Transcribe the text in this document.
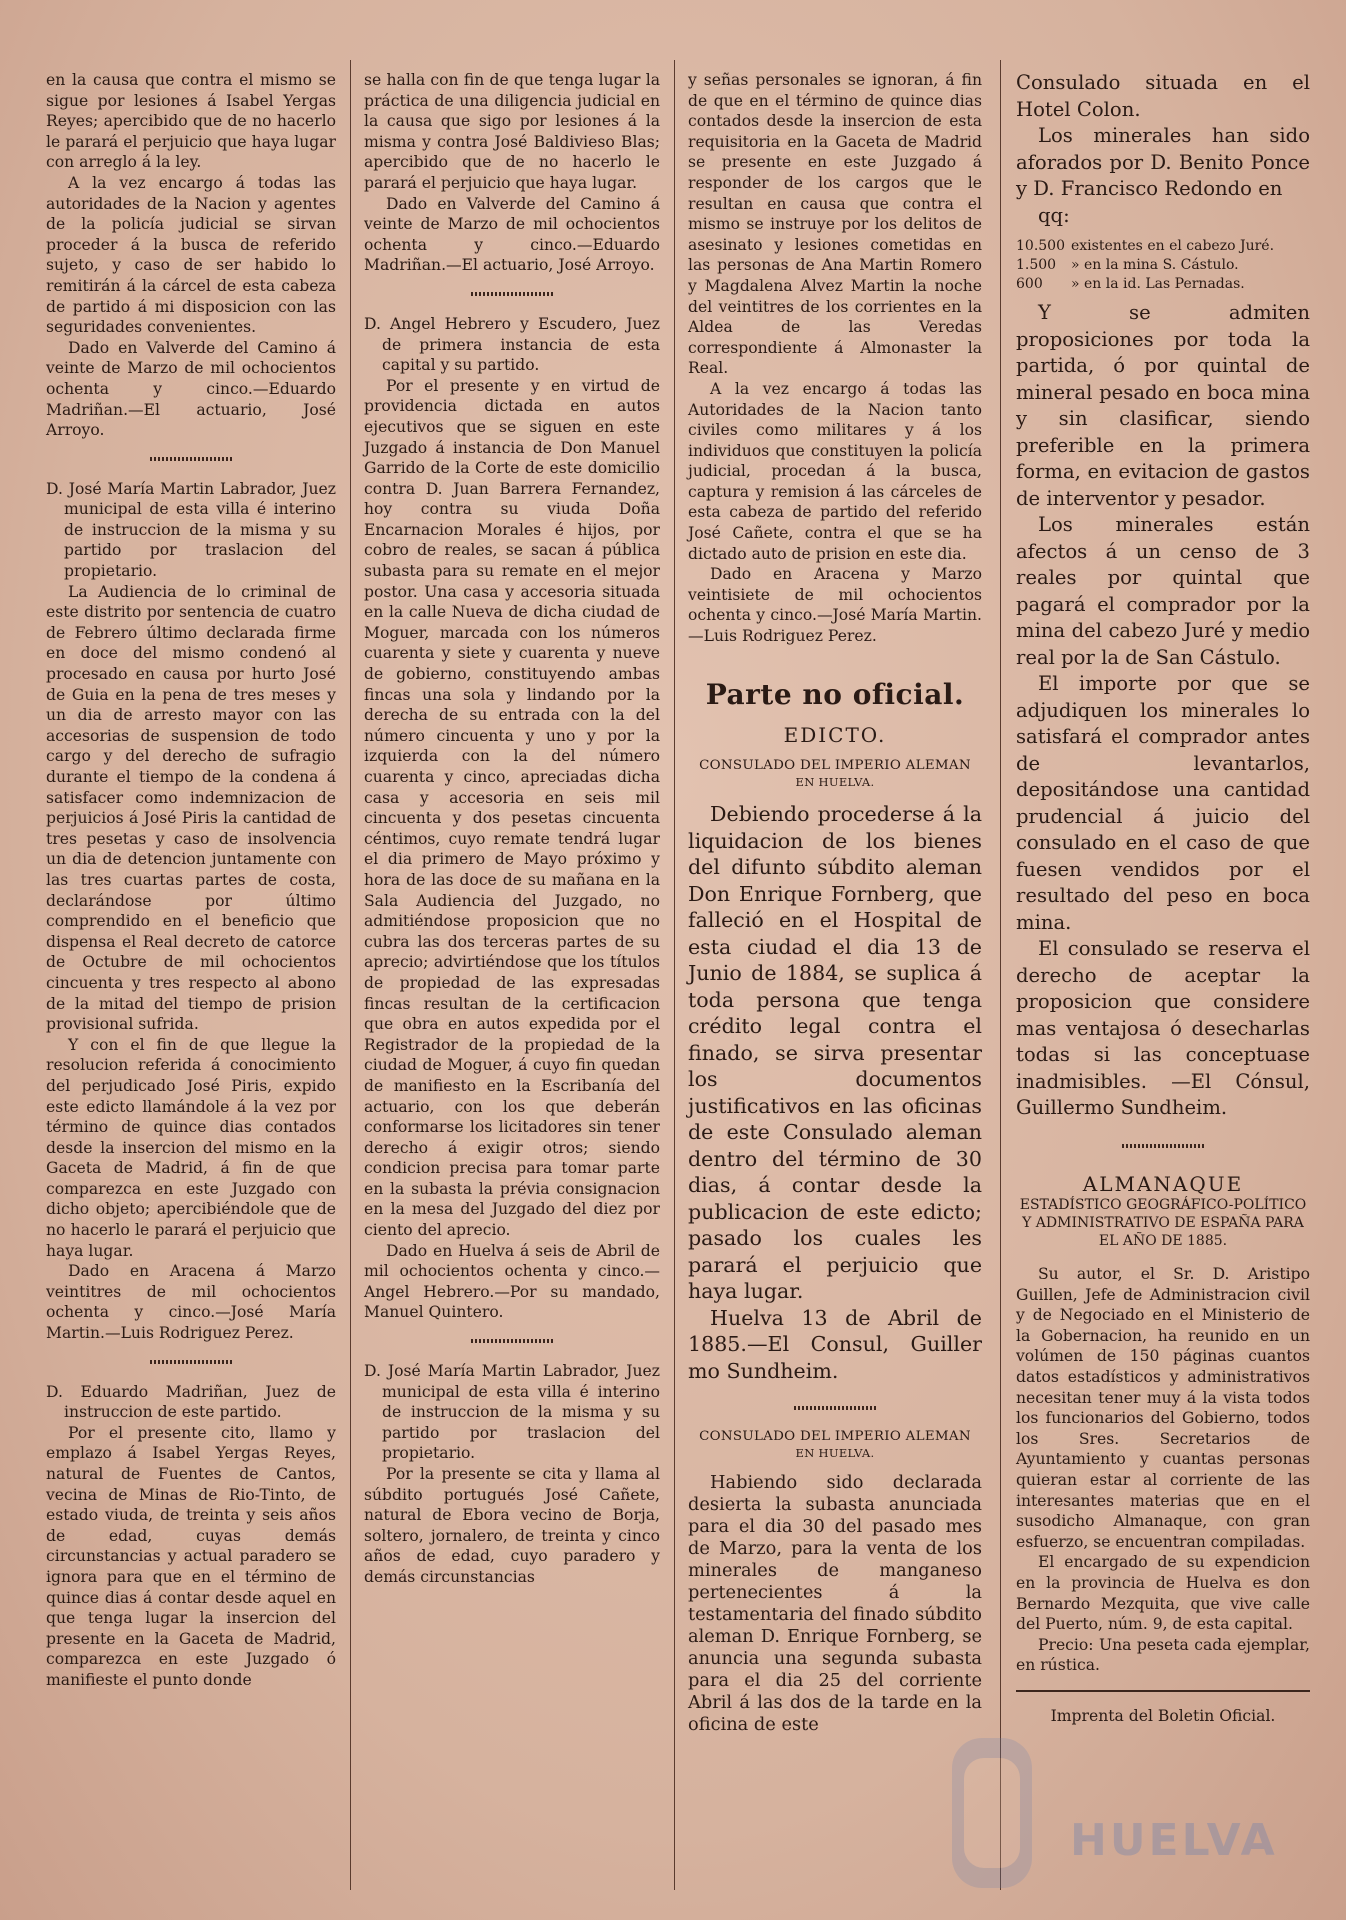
en la causa que contra el mismo se sigue por lesiones á Isabel Yergas Reyes; apercibido que de no hacerlo le parará el perjuicio que haya lugar con arreglo á la ley.

A la vez encargo á todas las autoridades de la Nacion y agentes de la policía judicial se sirvan proceder á la busca de referido sujeto, y caso de ser habido lo remitirán á la cárcel de esta cabeza de partido á mi disposicion con las seguridades convenientes.

Dado en Valverde del Camino á veinte de Marzo de mil ochocientos ochenta y cinco.—Eduardo Madriñan.—El actuario, José Arroyo.

D. José María Martin Labrador, Juez municipal de esta villa é interino de instruccion de la misma y su partido por traslacion del propietario.

La Audiencia de lo criminal de este distrito por sentencia de cuatro de Febrero último declarada firme en doce del mismo condenó al procesado en causa por hurto José de Guia en la pena de tres meses y un dia de arresto mayor con las accesorias de suspension de todo cargo y del derecho de sufragio durante el tiempo de la condena á satisfacer como indemnizacion de perjuicios á José Piris la cantidad de tres pesetas y caso de insolvencia un dia de detencion juntamente con las tres cuartas partes de costa, declarándose por último comprendido en el beneficio que dispensa el Real decreto de catorce de Octubre de mil ochocientos cincuenta y tres respecto al abono de la mitad del tiempo de prision provisional sufrida.

Y con el fin de que llegue la resolucion referida á conocimiento del perjudicado José Piris, expido este edicto llamándole á la vez por término de quince dias contados desde la insercion del mismo en la Gaceta de Madrid, á fin de que comparezca en este Juzgado con dicho objeto; apercibiéndole que de no hacerlo le parará el perjuicio que haya lugar.

Dado en Aracena á Marzo veintitres de mil ochocientos ochenta y cinco.—José María Martin.—Luis Rodriguez Perez.

D. Eduardo Madriñan, Juez de instruccion de este partido.

Por el presente cito, llamo y emplazo á Isabel Yergas Reyes, natural de Fuentes de Cantos, vecina de Minas de Rio-Tinto, de estado viuda, de treinta y seis años de edad, cuyas demás circunstancias y actual paradero se ignora para que en el término de quince dias á contar desde aquel en que tenga lugar la insercion del presente en la Gaceta de Madrid, comparezca en este Juzgado ó manifieste el punto donde

se halla con fin de que tenga lugar la práctica de una diligencia judicial en la causa que sigo por lesiones á la misma y contra José Baldivieso Blas; apercibido que de no hacerlo le parará el perjuicio que haya lugar.

Dado en Valverde del Camino á veinte de Marzo de mil ochocientos ochenta y cinco.—Eduardo Madriñan.—El actuario, José Arroyo.

D. Angel Hebrero y Escudero, Juez de primera instancia de esta capital y su partido.

Por el presente y en virtud de providencia dictada en autos ejecutivos que se siguen en este Juzgado á instancia de Don Manuel Garrido de la Corte de este domicilio contra D. Juan Barrera Fernandez, hoy contra su viuda Doña Encarnacion Morales é hijos, por cobro de reales, se sacan á pública subasta para su remate en el mejor postor. Una casa y accesoria situada en la calle Nueva de dicha ciudad de Moguer, marcada con los números cuarenta y siete y cuarenta y nueve de gobierno, constituyendo ambas fincas una sola y lindando por la derecha de su entrada con la del número cincuenta y uno y por la izquierda con la del número cuarenta y cinco, apreciadas dicha casa y accesoria en seis mil cincuenta y dos pesetas cincuenta céntimos, cuyo remate tendrá lugar el dia primero de Mayo próximo y hora de las doce de su mañana en la Sala Audiencia del Juzgado, no admitiéndose proposicion que no cubra las dos terceras partes de su aprecio; advirtiéndose que los títulos de propiedad de las expresadas fincas resultan de la certificacion que obra en autos expedida por el Registrador de la propiedad de la ciudad de Moguer, á cuyo fin quedan de manifiesto en la Escribanía del actuario, con los que deberán conformarse los licitadores sin tener derecho á exigir otros; siendo condicion precisa para tomar parte en la subasta la prévia consignacion en la mesa del Juzgado del diez por ciento del aprecio.

Dado en Huelva á seis de Abril de mil ochocientos ochenta y cinco.—Angel Hebrero.—Por su mandado, Manuel Quintero.

D. José María Martin Labrador, Juez municipal de esta villa é interino de instruccion de la misma y su partido por traslacion del propietario.

Por la presente se cita y llama al súbdito portugués José Cañete, natural de Ebora vecino de Borja, soltero, jornalero, de treinta y cinco años de edad, cuyo paradero y demás circunstancias

y señas personales se ignoran, á fin de que en el término de quince dias contados desde la insercion de esta requisitoria en la Gaceta de Madrid se presente en este Juzgado á responder de los cargos que le resultan en causa que contra el mismo se instruye por los delitos de asesinato y lesiones cometidas en las personas de Ana Martin Romero y Magdalena Alvez Martin la noche del veintitres de los corrientes en la Aldea de las Veredas correspondiente á Almonaster la Real.

A la vez encargo á todas las Autoridades de la Nacion tanto civiles como militares y á los individuos que constituyen la policía judicial, procedan á la busca, captura y remision á las cárceles de esta cabeza de partido del referido José Cañete, contra el que se ha dictado auto de prision en este dia.

Dado en Aracena y Marzo veintisiete de mil ochocientos ochenta y cinco.—José María Martin.—Luis Rodriguez Perez.

Parte no oficial.
EDICTO.
CONSULADO DEL IMPERIO ALEMAN
EN HUELVA.

Debiendo procederse á la liquidacion de los bienes del difunto súbdito aleman Don Enrique Fornberg, que falleció en el Hospital de esta ciudad el dia 13 de Junio de 1884, se suplica á toda persona que tenga crédito legal contra el finado, se sirva presentar los documentos justificativos en las oficinas de este Consulado aleman dentro del término de 30 dias, á contar desde la publicacion de este edicto; pasado los cuales les parará el perjuicio que haya lugar.

Huelva 13 de Abril de 1885.—El Consul, Guiller mo Sundheim.

CONSULADO DEL IMPERIO ALEMAN
EN HUELVA.

Habiendo sido declarada desierta la subasta anunciada para el dia 30 del pasado mes de Marzo, para la venta de los minerales de manganeso pertenecientes á la testamentaria del finado súbdito aleman D. Enrique Fornberg, se anuncia una segunda subasta para el dia 25 del corriente Abril á las dos de la tarde en la oficina de este

Consulado situada en el Hotel Colon.

Los minerales han sido aforados por D. Benito Ponce y D. Francisco Redondo en

qq:

10.500	existentes en el cabezo Juré.
1.500	» en la mina S. Cástulo.
600	» en la id. Las Pernadas.

Y se admiten proposiciones por toda la partida, ó por quintal de mineral pesado en boca mina y sin clasificar, siendo preferible en la primera forma, en evitacion de gastos de interventor y pesador.

Los minerales están afectos á un censo de 3 reales por quintal que pagará el comprador por la mina del cabezo Juré y medio real por la de San Cástulo.

El importe por que se adjudiquen los minerales lo satisfará el comprador antes de levantarlos, depositándose una cantidad prudencial á juicio del consulado en el caso de que fuesen vendidos por el resultado del peso en boca mina.

El consulado se reserva el derecho de aceptar la proposicion que considere mas ventajosa ó desecharlas todas si las conceptuase inadmisibles. —El Cónsul, Guillermo Sundheim.

ALMANAQUE
ESTADÍSTICO GEOGRÁFICO-POLÍTICO Y ADMINISTRATIVO DE ESPAÑA PARA EL AÑO DE 1885.

Su autor, el Sr. D. Aristipo Guillen, Jefe de Administracion civil y de Negociado en el Ministerio de la Gobernacion, ha reunido en un volúmen de 150 páginas cuantos datos estadísticos y administrativos necesitan tener muy á la vista todos los funcionarios del Gobierno, todos los Sres. Secretarios de Ayuntamiento y cuantas personas quieran estar al corriente de las interesantes materias que en el susodicho Almanaque, con gran esfuerzo, se encuentran compiladas.

El encargado de su expendicion en la provincia de Huelva es don Bernardo Mezquita, que vive calle del Puerto, núm. 9, de esta capital.

Precio: Una peseta cada ejemplar, en rústica.

Imprenta del Boletin Oficial.

HUELVA
